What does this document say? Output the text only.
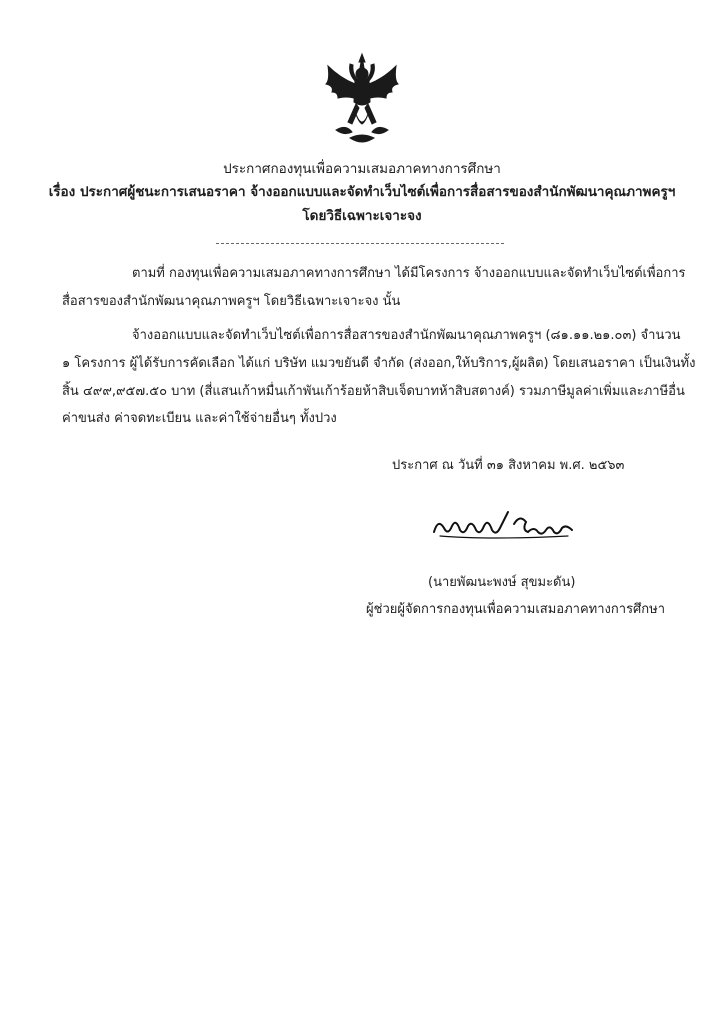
ประกาศกองทุนเพื่อความเสมอภาคทางการศึกษา
เรื่อง ประกาศผู้ชนะการเสนอราคา จ้างออกแบบและจัดทำเว็บไซต์เพื่อการสื่อสารของสำนักพัฒนาคุณภาพครูฯ
โดยวิธีเฉพาะเจาะจง
ตามที่ กองทุนเพื่อความเสมอภาคทางการศึกษา ได้มีโครงการ จ้างออกแบบและจัดทำเว็บไซต์เพื่อการ
สื่อสารของสำนักพัฒนาคุณภาพครูฯ โดยวิธีเฉพาะเจาะจง นั้น
จ้างออกแบบและจัดทำเว็บไซต์เพื่อการสื่อสารของสำนักพัฒนาคุณภาพครูฯ (๘๑.๑๑.๒๑.๐๓) จำนวน
๑ โครงการ ผู้ได้รับการคัดเลือก ได้แก่ บริษัท แมวขยันดี จำกัด (ส่งออก,ให้บริการ,ผู้ผลิต) โดยเสนอราคา เป็นเงินทั้ง
สิ้น ๔๙๙,๙๕๗.๕๐ บาท (สี่แสนเก้าหมื่นเก้าพันเก้าร้อยห้าสิบเจ็ดบาทห้าสิบสตางค์) รวมภาษีมูลค่าเพิ่มและภาษีอื่น
ค่าขนส่ง ค่าจดทะเบียน และค่าใช้จ่ายอื่นๆ ทั้งปวง
ประกาศ ณ วันที่ ๓๑ สิงหาคม พ.ศ. ๒๕๖๓
(นายพัฒนะพงษ์ สุขมะดัน)
ผู้ช่วยผู้จัดการกองทุนเพื่อความเสมอภาคทางการศึกษา
